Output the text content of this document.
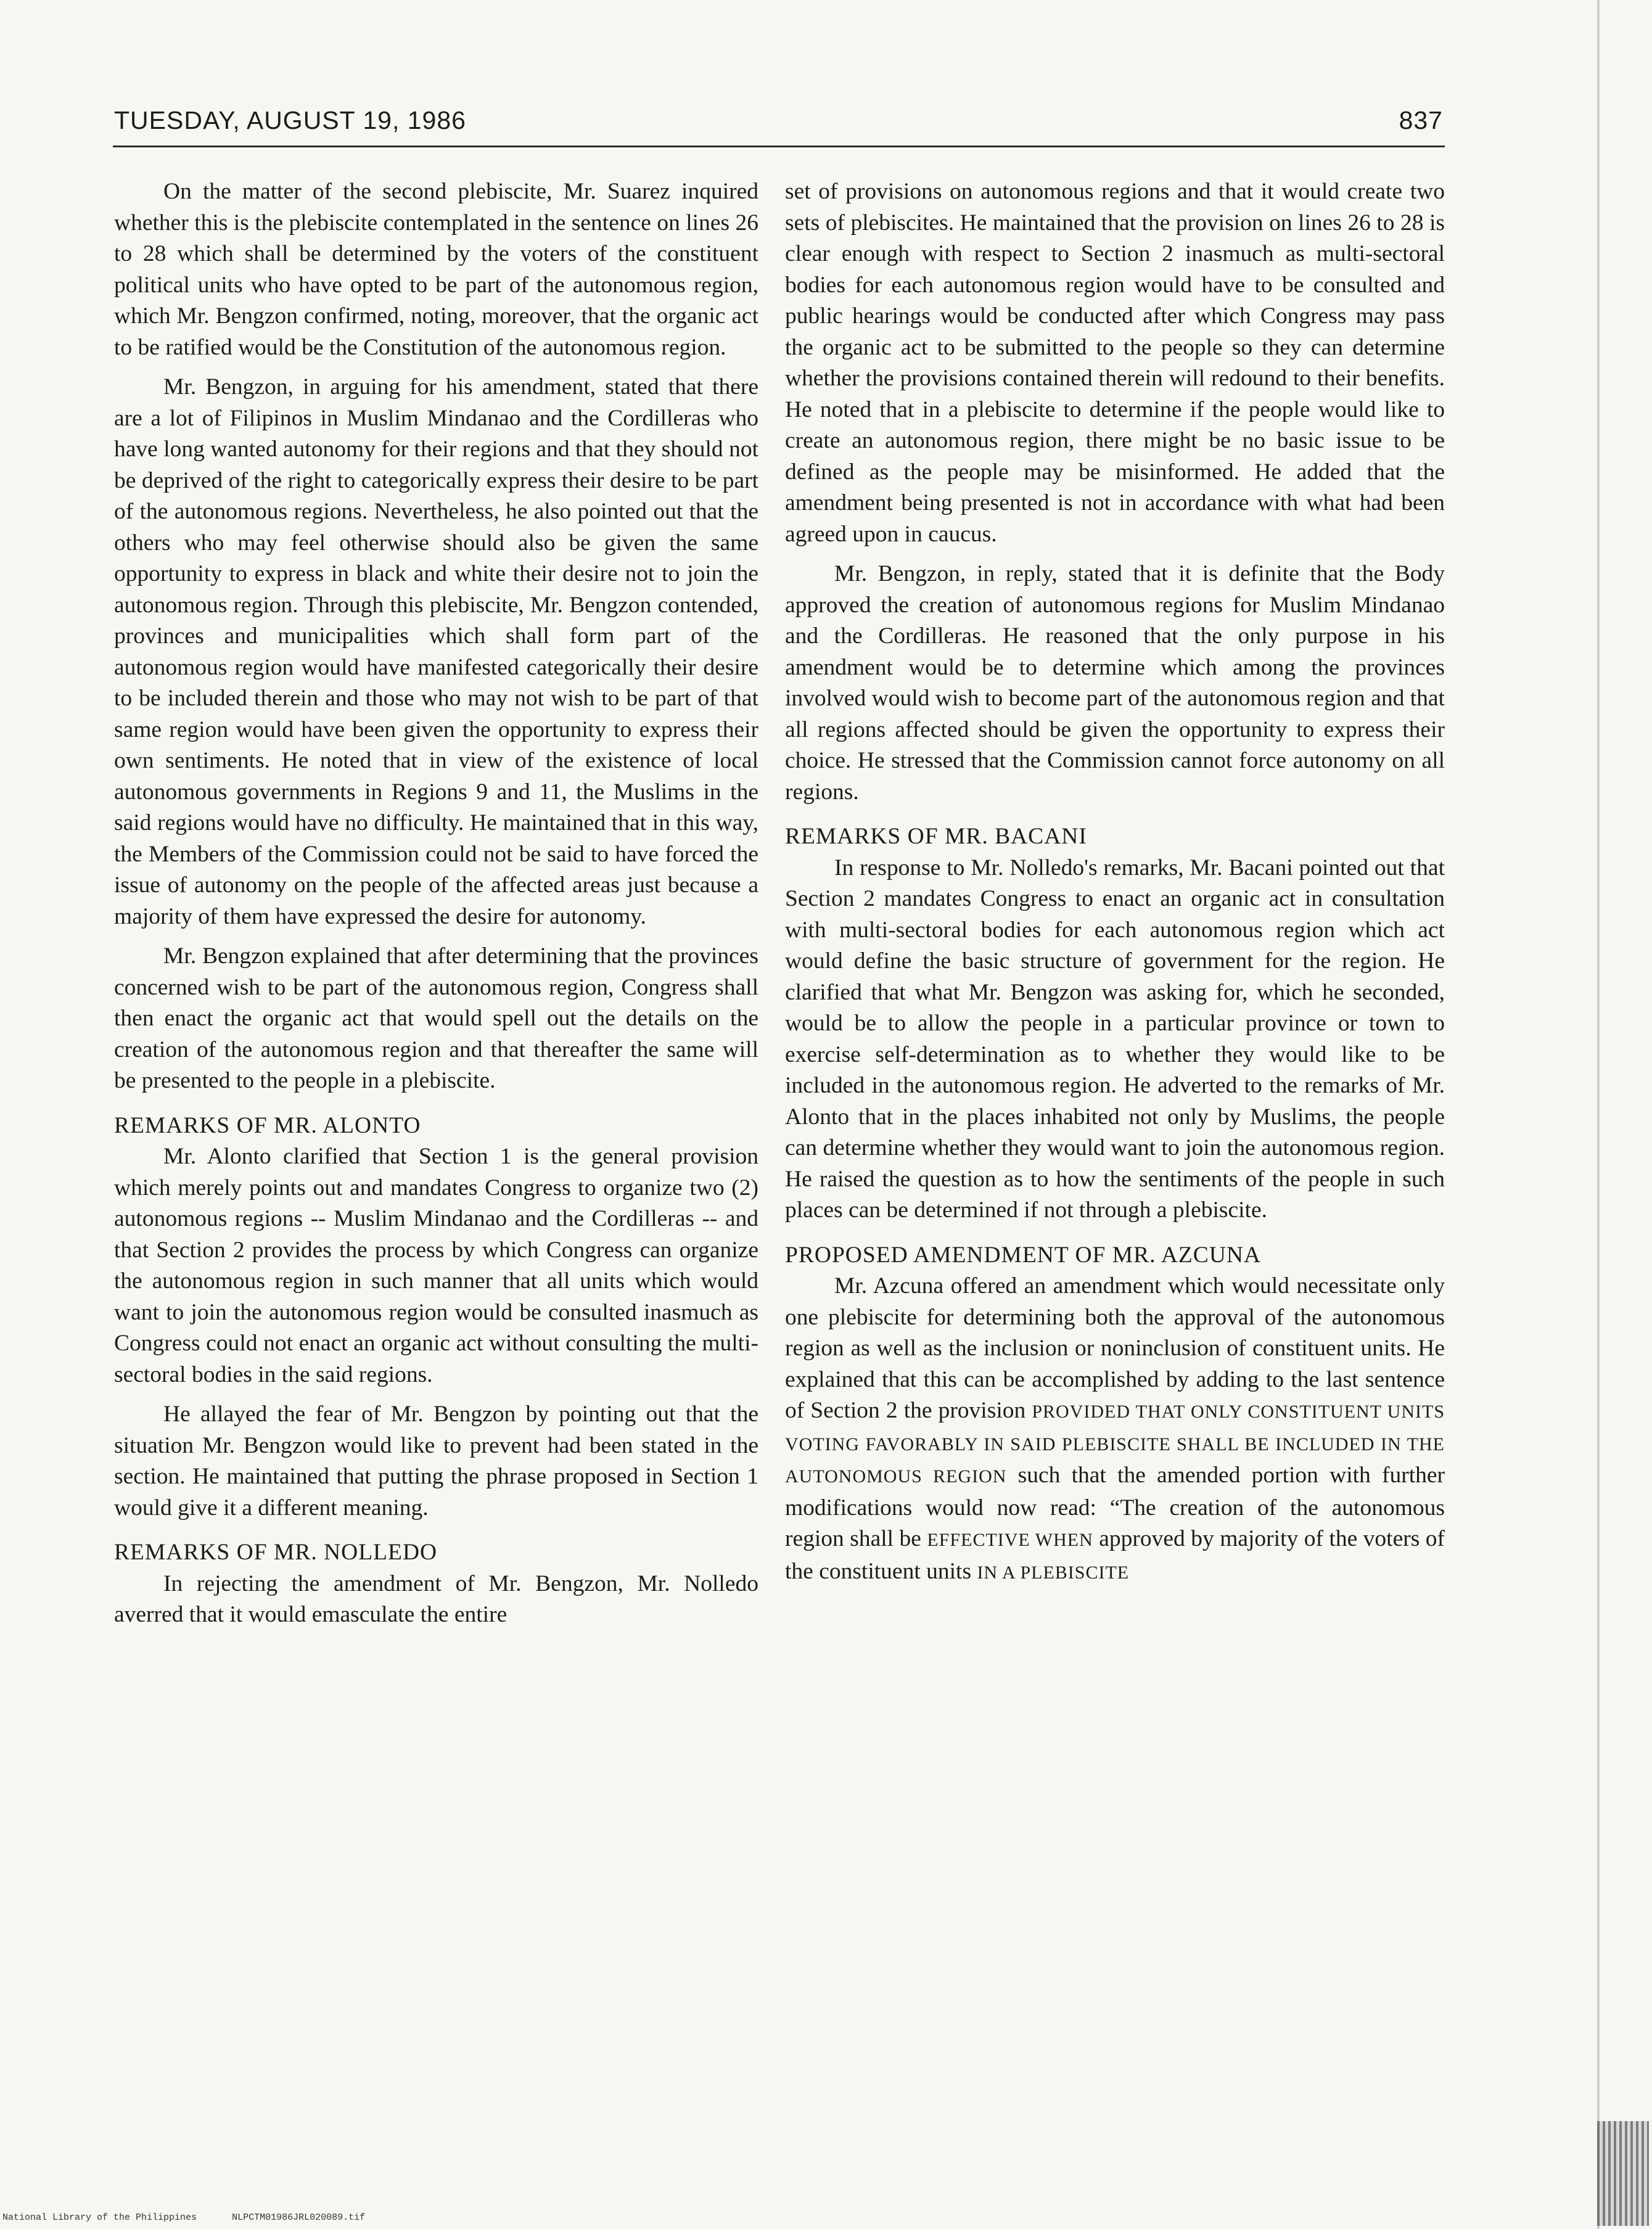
TUESDAY, AUGUST 19, 1986	837

On the matter of the second plebiscite, Mr. Suarez inquired whether this is the plebiscite contemplated in the sentence on lines 26 to 28 which shall be determined by the voters of the constituent political units who have opted to be part of the autonomous region, which Mr. Bengzon confirmed, noting, moreover, that the organic act to be ratified would be the Constitution of the autonomous region.

Mr. Bengzon, in arguing for his amendment, stated that there are a lot of Filipinos in Muslim Mindanao and the Cordilleras who have long wanted autonomy for their regions and that they should not be deprived of the right to categorically express their desire to be part of the autonomous regions. Nevertheless, he also pointed out that the others who may feel otherwise should also be given the same opportunity to express in black and white their desire not to join the autonomous region. Through this plebiscite, Mr. Bengzon contended, provinces and municipalities which shall form part of the autonomous region would have manifested categorically their desire to be included therein and those who may not wish to be part of that same region would have been given the opportunity to express their own sentiments. He noted that in view of the existence of local autonomous governments in Regions 9 and 11, the Muslims in the said regions would have no difficulty. He maintained that in this way, the Members of the Commission could not be said to have forced the issue of autonomy on the people of the affected areas just because a majority of them have expressed the desire for autonomy.

Mr. Bengzon explained that after determining that the provinces concerned wish to be part of the autonomous region, Congress shall then enact the organic act that would spell out the details on the creation of the autonomous region and that thereafter the same will be presented to the people in a plebiscite.

REMARKS OF MR. ALONTO

Mr. Alonto clarified that Section 1 is the general provision which merely points out and mandates Congress to organize two (2) autonomous regions -- Muslim Mindanao and the Cordilleras -- and that Section 2 provides the process by which Congress can organize the autonomous region in such manner that all units which would want to join the autonomous region would be consulted inasmuch as Congress could not enact an organic act without consulting the multi-sectoral bodies in the said regions.

He allayed the fear of Mr. Bengzon by pointing out that the situation Mr. Bengzon would like to prevent had been stated in the section. He maintained that putting the phrase proposed in Section 1 would give it a different meaning.

REMARKS OF MR. NOLLEDO

In rejecting the amendment of Mr. Bengzon, Mr. Nolledo averred that it would emasculate the entire

set of provisions on autonomous regions and that it would create two sets of plebiscites. He maintained that the provision on lines 26 to 28 is clear enough with respect to Section 2 inasmuch as multi-sectoral bodies for each autonomous region would have to be consulted and public hearings would be conducted after which Congress may pass the organic act to be submitted to the people so they can determine whether the provisions contained therein will redound to their benefits. He noted that in a plebiscite to determine if the people would like to create an autonomous region, there might be no basic issue to be defined as the people may be misinformed. He added that the amendment being presented is not in accordance with what had been agreed upon in caucus.

Mr. Bengzon, in reply, stated that it is definite that the Body approved the creation of autonomous regions for Muslim Mindanao and the Cordilleras. He reasoned that the only purpose in his amendment would be to determine which among the provinces involved would wish to become part of the autonomous region and that all regions affected should be given the opportunity to express their choice. He stressed that the Commission cannot force autonomy on all regions.

REMARKS OF MR. BACANI

In response to Mr. Nolledo's remarks, Mr. Bacani pointed out that Section 2 mandates Congress to enact an organic act in consultation with multi-sectoral bodies for each autonomous region which act would define the basic structure of government for the region. He clarified that what Mr. Bengzon was asking for, which he seconded, would be to allow the people in a particular province or town to exercise self-determination as to whether they would like to be included in the autonomous region. He adverted to the remarks of Mr. Alonto that in the places inhabited not only by Muslims, the people can determine whether they would want to join the autonomous region. He raised the question as to how the sentiments of the people in such places can be determined if not through a plebiscite.

PROPOSED AMENDMENT OF MR. AZCUNA

Mr. Azcuna offered an amendment which would necessitate only one plebiscite for determining both the approval of the autonomous region as well as the inclusion or noninclusion of constituent units. He explained that this can be accomplished by adding to the last sentence of Section 2 the provision PROVIDED THAT ONLY CONSTITUENT UNITS VOTING FAVORABLY IN SAID PLEBISCITE SHALL BE INCLUDED IN THE AUTONOMOUS REGION such that the amended portion with further modifications would now read: “The creation of the autonomous region shall be EFFECTIVE WHEN approved by majority of the voters of the constituent units IN A PLEBISCITE

National Library of the Philippines	NLPCTM01986JRL020089.tif
